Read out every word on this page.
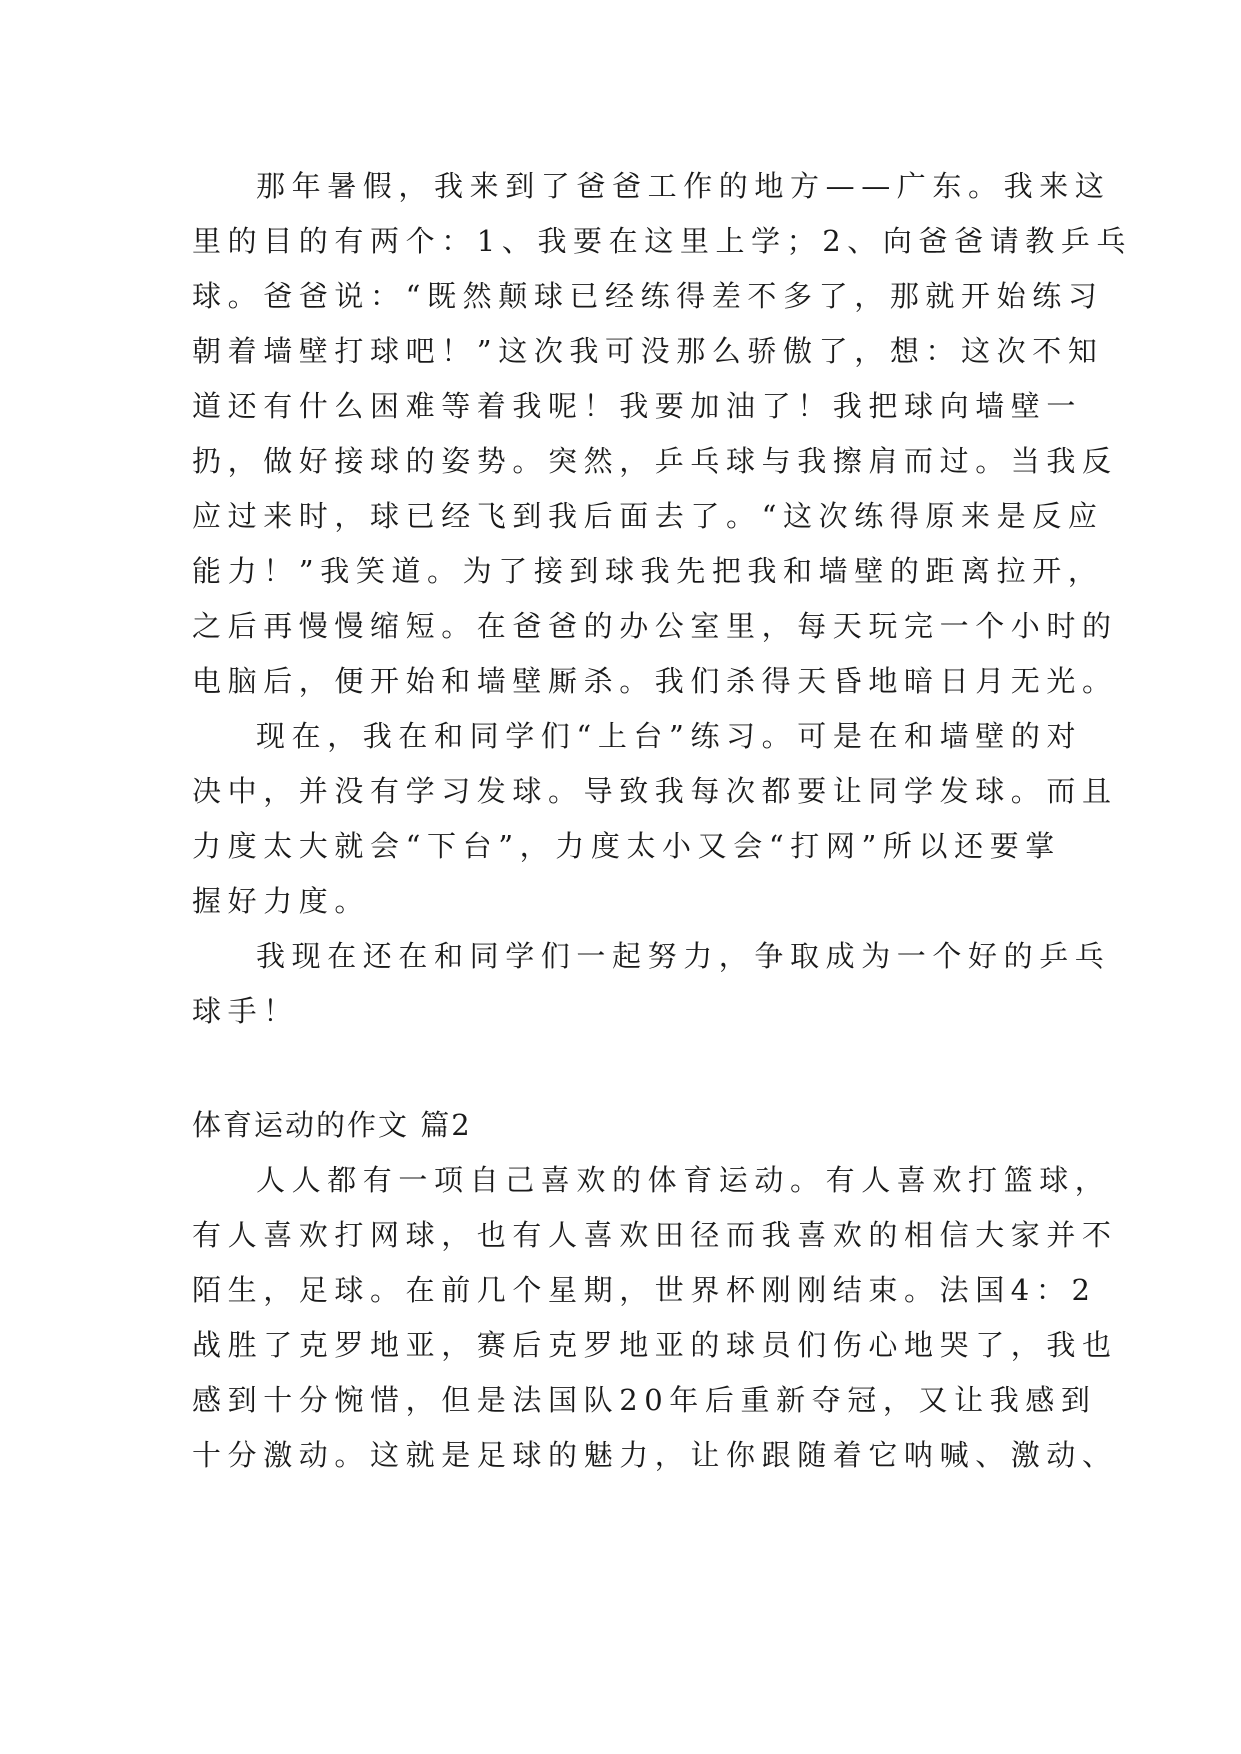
那年暑假，我来到了爸爸工作的地方——广东。我来这
里的目的有两个：1、我要在这里上学；2、向爸爸请教乒乓
球。爸爸说：“既然颠球已经练得差不多了，那就开始练习
朝着墙壁打球吧！”这次我可没那么骄傲了，想：这次不知
道还有什么困难等着我呢！我要加油了！我把球向墙壁一
扔，做好接球的姿势。突然，乒乓球与我擦肩而过。当我反
应过来时，球已经飞到我后面去了。“这次练得原来是反应
能力！”我笑道。为了接到球我先把我和墙壁的距离拉开，
之后再慢慢缩短。在爸爸的办公室里，每天玩完一个小时的
电脑后，便开始和墙壁厮杀。我们杀得天昏地暗日月无光。
现在，我在和同学们“上台”练习。可是在和墙壁的对
决中，并没有学习发球。导致我每次都要让同学发球。而且
力度太大就会“下台”，力度太小又会“打网”所以还要掌
握好力度。
我现在还在和同学们一起努力，争取成为一个好的乒乓
球手！
体育运动的作文 篇2
人人都有一项自己喜欢的体育运动。有人喜欢打篮球，
有人喜欢打网球，也有人喜欢田径而我喜欢的相信大家并不
陌生，足球。在前几个星期，世界杯刚刚结束。法国4：2
战胜了克罗地亚，赛后克罗地亚的球员们伤心地哭了，我也
感到十分惋惜，但是法国队20年后重新夺冠，又让我感到
十分激动。这就是足球的魅力，让你跟随着它呐喊、激动、
